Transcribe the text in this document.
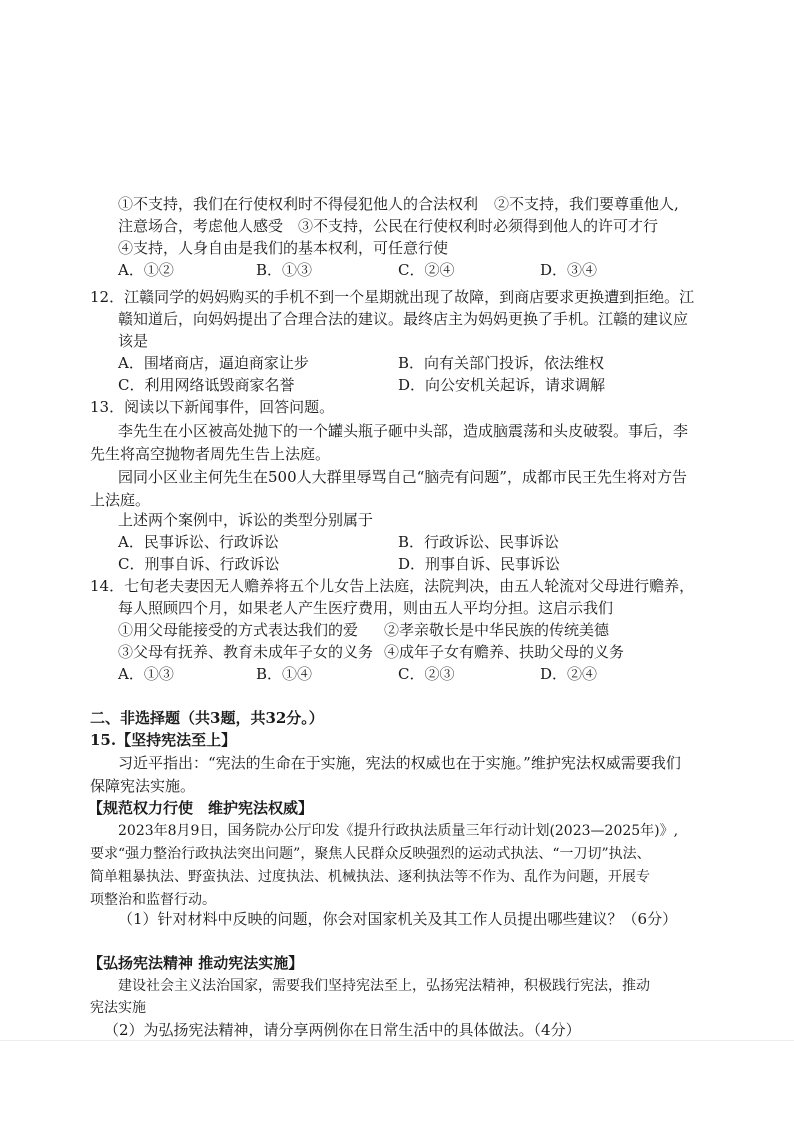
①不支持，我们在行使权利时不得侵犯他人的合法权利 ②不支持，我们要尊重他人,
注意场合，考虑他人感受　③不支持，公民在行使权利时必须得到他人的许可才行
④支持，人身自由是我们的基本权利，可任意行使
A．①②	B．①③	C．②④	D．③④
12．江赣同学的妈妈购买的手机不到一个星期就出现了故障，到商店要求更换遭到拒绝。江
赣知道后，向妈妈提出了合理合法的建议。最终店主为妈妈更换了手机。江赣的建议应
该是
A．围堵商店，逼迫商家让步	B．向有关部门投诉，依法维权
C．利用网络诋毁商家名誉	D．向公安机关起诉，请求调解
13．阅读以下新闻事件，回答问题。
李先生在小区被高处抛下的一个罐头瓶子砸中头部，造成脑震荡和头皮破裂。事后，李
先生将高空抛物者周先生告上法庭。
园同小区业主何先生在500人大群里辱骂自己“脑壳有问题”，成都市民王先生将对方告
上法庭。
上述两个案例中，诉讼的类型分别属于
A．民事诉讼、行政诉讼	B．行政诉讼、民事诉讼
C．刑事自诉、行政诉讼	D．刑事自诉、民事诉讼
14．七旬老夫妻因无人赡养将五个儿女告上法庭，法院判决，由五人轮流对父母进行赡养，
每人照顾四个月，如果老人产生医疗费用，则由五人平均分担。这启示我们
①用父母能接受的方式表达我们的爱 ②孝亲敬长是中华民族的传统美德
③父母有抚养、教育未成年子女的义务 ④成年子女有赡养、扶助父母的义务
A．①③	B．①④	C．②③	D．②④
二、非选择题（共3题，共32分。）
15.【坚持宪法至上】
习近平指出：“宪法的生命在于实施，宪法的权威也在于实施。”维护宪法权威需要我们
保障宪法实施。
【规范权力行使　维护宪法权威】
2023年8月9日，国务院办公厅印发《提升行政执法质量三年行动计划(2023—2025年)》,
要求“强力整治行政执法突出问题”，聚焦人民群众反映强烈的运动式执法、“一刀切”执法、
简单粗暴执法、野蛮执法、过度执法、机械执法、逐利执法等不作为、乱作为问题，开展专
项整治和监督行动。
（1）针对材料中反映的问题，你会对国家机关及其工作人员提出哪些建议？（6分）
【弘扬宪法精神 推动宪法实施】
建设社会主义法治国家，需要我们坚持宪法至上，弘扬宪法精神，积极践行宪法，推动
宪法实施
（2）为弘扬宪法精神，请分享两例你在日常生活中的具体做法。（4分）
